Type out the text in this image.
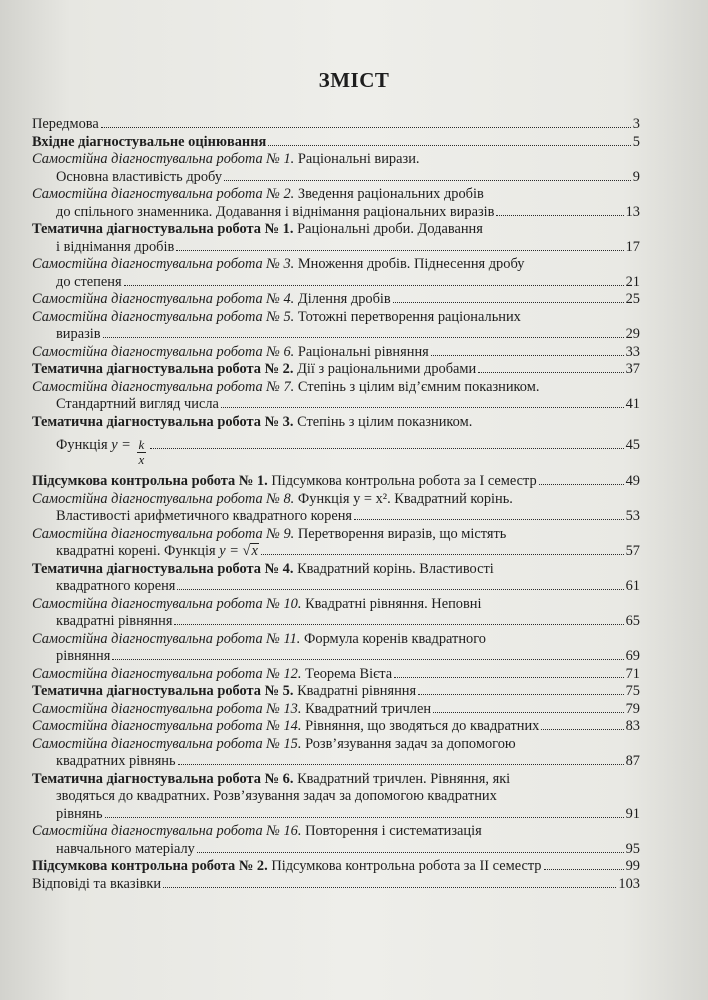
ЗМІСТ
Передмова	3
Вхідне діагностувальне оцінювання	5
Самостійна діагностувальна робота № 1. Раціональні вирази.
Основна властивість дробу	9
Самостійна діагностувальна робота № 2. Зведення раціональних дробів
до спільного знаменника. Додавання і віднімання раціональних виразів	13
Тематична діагностувальна робота № 1. Раціональні дроби. Додавання
і віднімання дробів	17
Самостійна діагностувальна робота № 3. Множення дробів. Піднесення дробу
до степеня	21
Самостійна діагностувальна робота № 4.
Ділення дробів	25
Самостійна діагностувальна робота № 5. Тотожні перетворення раціональних
виразів	29
Самостійна діагностувальна робота № 6.
Раціональні рівняння	33
Тематична діагностувальна робота № 2.
Дії з раціональними дробами	37
Самостійна діагностувальна робота № 7. Степінь з цілим від’ємним показником.
Стандартний вигляд числа	41
Тематична діагностувальна робота № 3. Степінь з цілим показником.
Функція
y =
$\frac{k}{x}$	45
Підсумкова контрольна робота № 1.
Підсумкова контрольна робота за І семестр	49
Самостійна діагностувальна робота № 8. Функція y = x². Квадратний корінь.
Властивості арифметичного квадратного кореня	53
Самостійна діагностувальна робота № 9. Перетворення виразів, що містять
квадратні корені. Функція
y =
√ x	57
Тематична діагностувальна робота № 4. Квадратний корінь. Властивості
квадратного кореня	61
Самостійна діагностувальна робота № 10. Квадратні рівняння. Неповні
квадратні рівняння	65
Самостійна діагностувальна робота № 11. Формула коренів квадратного
рівняння	69
Самостійна діагностувальна робота № 12.
Теорема Вієта	71
Тематична діагностувальна робота № 5.
Квадратні рівняння	75
Самостійна діагностувальна робота № 13.
Квадратний тричлен	79
Самостійна діагностувальна робота № 14.
Рівняння, що зводяться до квадратних	83
Самостійна діагностувальна робота № 15. Розв’язування задач за допомогою
квадратних рівнянь	87
Тематична діагностувальна робота № 6. Квадратний тричлен. Рівняння, які
зводяться до квадратних. Розв’язування задач за допомогою квадратних
рівнянь	91
Самостійна діагностувальна робота № 16. Повторення і систематизація
навчального матеріалу	95
Підсумкова контрольна робота № 2.
Підсумкова контрольна робота за ІІ семестр	99
Відповіді та вказівки	103
